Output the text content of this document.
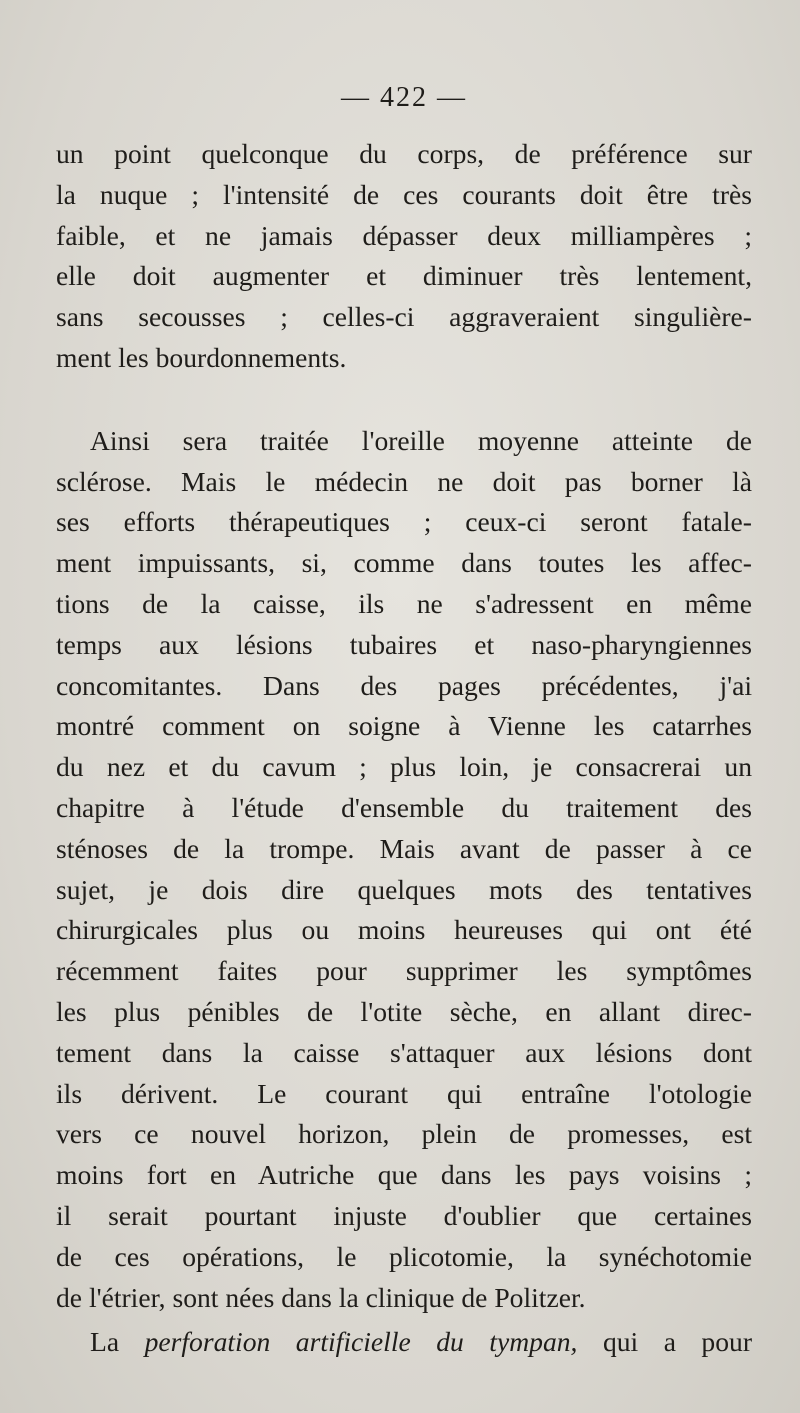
— 422 —
un point quelconque du corps, de préférence sur
la nuque ; l'intensité de ces courants doit être très
faible, et ne jamais dépasser deux milliampères ;
elle doit augmenter et diminuer très lentement,
sans secousses ; celles-ci aggraveraient singulière-
ment les bourdonnements.
Ainsi sera traitée l'oreille moyenne atteinte de
sclérose. Mais le médecin ne doit pas borner là
ses efforts thérapeutiques ; ceux-ci seront fatale-
ment impuissants, si, comme dans toutes les affec-
tions de la caisse, ils ne s'adressent en même
temps aux lésions tubaires et naso-pharyngiennes
concomitantes. Dans des pages précédentes, j'ai
montré comment on soigne à Vienne les catarrhes
du nez et du cavum ; plus loin, je consacrerai un
chapitre à l'étude d'ensemble du traitement des
sténoses de la trompe. Mais avant de passer à ce
sujet, je dois dire quelques mots des tentatives
chirurgicales plus ou moins heureuses qui ont été
récemment faites pour supprimer les symptômes
les plus pénibles de l'otite sèche, en allant direc-
tement dans la caisse s'attaquer aux lésions dont
ils dérivent. Le courant qui entraîne l'otologie
vers ce nouvel horizon, plein de promesses, est
moins fort en Autriche que dans les pays voisins ;
il serait pourtant injuste d'oublier que certaines
de ces opérations, le plicotomie, la synéchotomie
de l'étrier, sont nées dans la clinique de Politzer.
La perforation artificielle du tympan, qui a pour
